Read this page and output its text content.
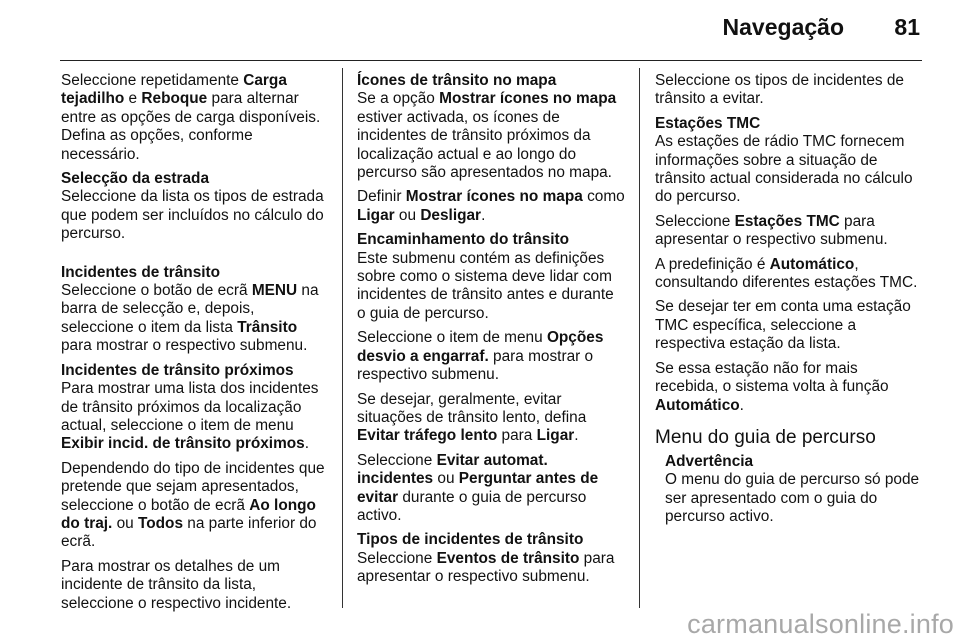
Navegação 81

Seleccione repetidamente Carga tejadilho e Reboque para alternar entre as opções de carga disponíveis. Defina as opções, conforme necessário.

Selecção da estrada
Seleccione da lista os tipos de estrada que podem ser incluídos no cálculo do percurso.

Incidentes de trânsito
Seleccione o botão de ecrã MENU na barra de selecção e, depois, seleccione o item da lista Trânsito para mostrar o respectivo submenu.

Incidentes de trânsito próximos
Para mostrar uma lista dos incidentes de trânsito próximos da localização actual, seleccione o item de menu Exibir incid. de trânsito próximos.

Dependendo do tipo de incidentes que pretende que sejam apresentados, seleccione o botão de ecrã Ao longo do traj. ou Todos na parte inferior do ecrã.

Para mostrar os detalhes de um incidente de trânsito da lista, seleccione o respectivo incidente.

Ícones de trânsito no mapa
Se a opção Mostrar ícones no mapa estiver activada, os ícones de incidentes de trânsito próximos da localização actual e ao longo do percurso são apresentados no mapa.

Definir Mostrar ícones no mapa como Ligar ou Desligar.

Encaminhamento do trânsito
Este submenu contém as definições sobre como o sistema deve lidar com incidentes de trânsito antes e durante o guia de percurso.

Seleccione o item de menu Opções desvio a engarraf. para mostrar o respectivo submenu.

Se desejar, geralmente, evitar situações de trânsito lento, defina Evitar tráfego lento para Ligar.

Seleccione Evitar automat. incidentes ou Perguntar antes de evitar durante o guia de percurso activo.

Tipos de incidentes de trânsito
Seleccione Eventos de trânsito para apresentar o respectivo submenu.

Seleccione os tipos de incidentes de trânsito a evitar.

Estações TMC
As estações de rádio TMC fornecem informações sobre a situação de trânsito actual considerada no cálculo do percurso.

Seleccione Estações TMC para apresentar o respectivo submenu.

A predefinição é Automático, consultando diferentes estações TMC.

Se desejar ter em conta uma estação TMC específica, seleccione a respectiva estação da lista.

Se essa estação não for mais recebida, o sistema volta à função Automático.

Menu do guia de percurso

Advertência
O menu do guia de percurso só pode ser apresentado com o guia do percurso activo.

carmanualsonline.info
